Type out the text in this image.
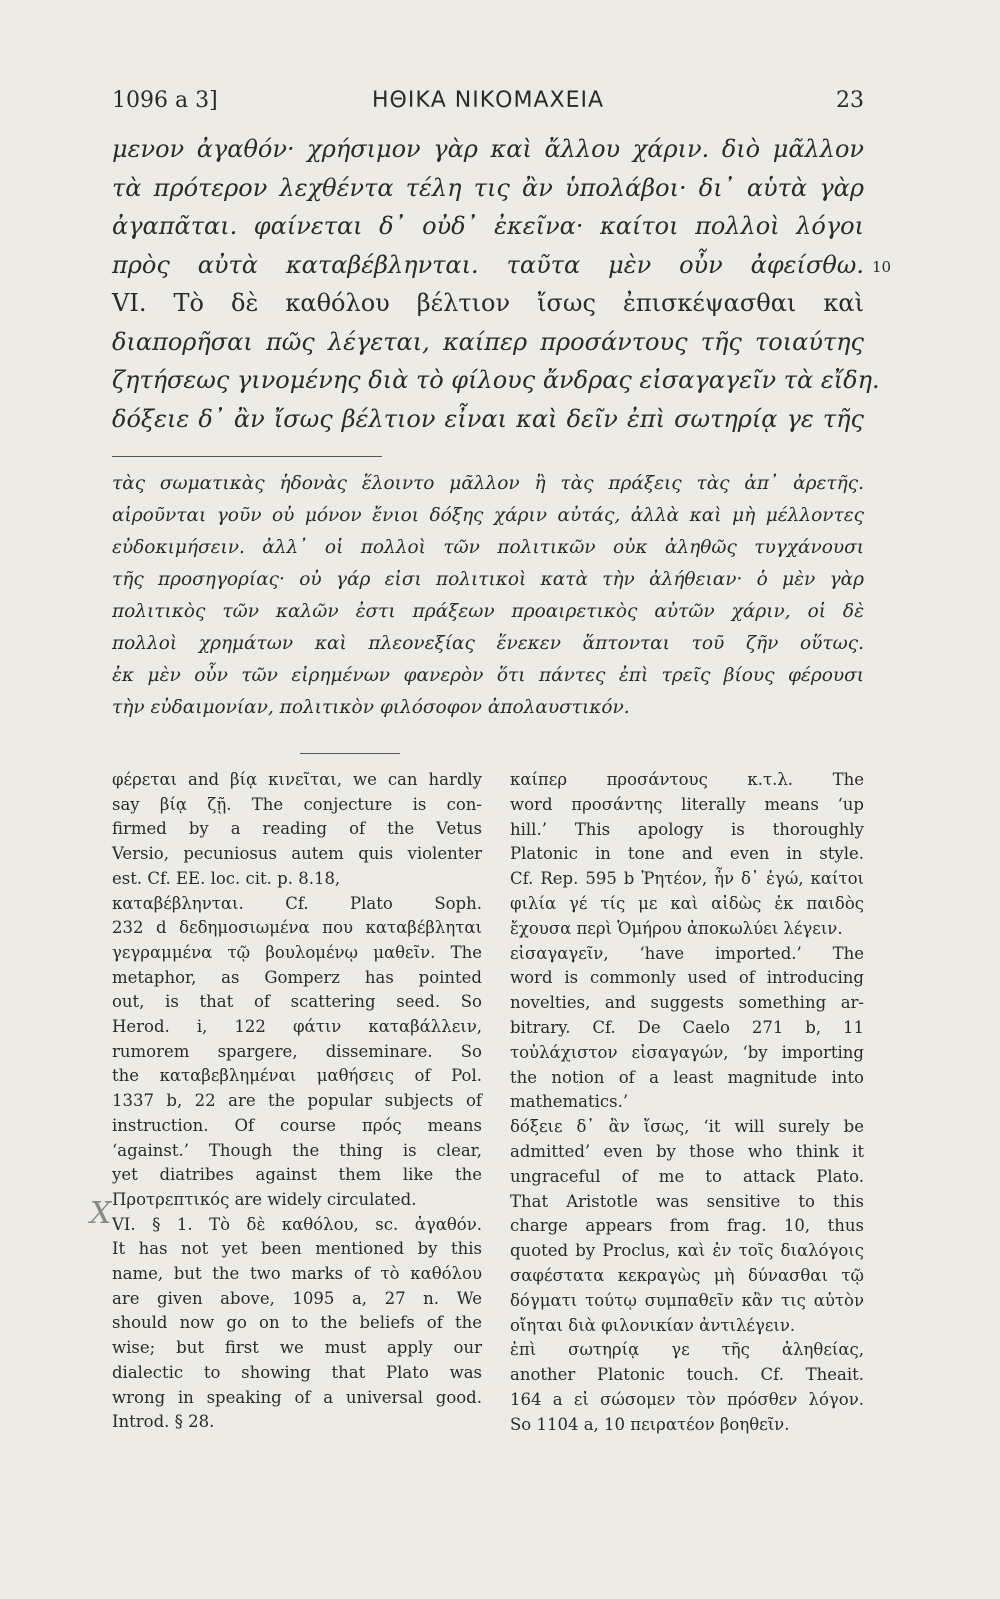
1096 a 3]	ΗΘΙΚΑ ΝΙΚΟΜΑΧΕΙΑ	23
μενον ἀγαθόν· χρήσιμον γὰρ καὶ ἄλλου χάριν. διὸ μᾶλλον
τὰ πρότερον λεχθέντα τέλη τις ἂν ὑπολάβοι· δι᾽ αὑτὰ γὰρ
ἀγαπᾶται. φαίνεται δ᾽ οὐδ᾽ ἐκεῖνα· καίτοι πολλοὶ λόγοι
πρὸς αὐτὰ καταβέβληνται. ταῦτα μὲν οὖν ἀφείσθω.
VI. Τὸ δὲ καθόλου βέλτιον ἴσως ἐπισκέψασθαι καὶ
διαπορῆσαι πῶς λέγεται, καίπερ προσάντους τῆς τοιαύτης
ζητήσεως γινομένης διὰ τὸ φίλους ἄνδρας εἰσαγαγεῖν τὰ εἴδη.
δόξειε δ᾽ ἂν ἴσως βέλτιον εἶναι καὶ δεῖν ἐπὶ σωτηρίᾳ γε τῆς
10
τὰς σωματικὰς ἡδονὰς ἕλοιντο μᾶλλον ἢ τὰς πράξεις τὰς ἀπ᾽ ἀρετῆς.
αἱροῦνται γοῦν οὐ μόνον ἔνιοι δόξης χάριν αὐτάς, ἀλλὰ καὶ μὴ μέλλοντες
εὐδοκιμήσειν. ἀλλ᾽ οἱ πολλοὶ τῶν πολιτικῶν οὐκ ἀληθῶς τυγχάνουσι
τῆς προσηγορίας· οὐ γάρ εἰσι πολιτικοὶ κατὰ τὴν ἀλήθειαν· ὁ μὲν γὰρ
πολιτικὸς τῶν καλῶν ἐστι πράξεων προαιρετικὸς αὐτῶν χάριν, οἱ δὲ
πολλοὶ χρημάτων καὶ πλεονεξίας ἕνεκεν ἅπτονται τοῦ ζῆν οὕτως.
ἐκ μὲν οὖν τῶν εἰρημένων φανερὸν ὅτι πάντες ἐπὶ τρεῖς βίους φέρουσι
τὴν εὐδαιμονίαν, πολιτικὸν φιλόσοφον ἀπολαυστικόν.
φέρεται and βίᾳ κινεῖται, we can hardly
say βίᾳ ζῇ. The conjecture is con-
firmed by a reading of the Vetus
Versio, pecuniosus autem quis violenter
est. Cf. EE. loc. cit. p. 8.18,
καταβέβληνται. Cf. Plato Soph.
232 d δεδημοσιωμένα που καταβέβληται
γεγραμμένα τῷ βουλομένῳ μαθεῖν. The
metaphor, as Gomperz has pointed
out, is that of scattering seed. So
Herod. i, 122 φάτιν καταβάλλειν,
rumorem spargere, disseminare. So
the καταβεβλημέναι μαθήσεις of Pol.
1337 b, 22 are the popular subjects of
instruction. Of course πρός means
‘against.’ Though the thing is clear,
yet diatribes against them like the
Προτρεπτικός are widely circulated.
VI. § 1. Τὸ δὲ καθόλου, sc. ἀγαθόν.
It has not yet been mentioned by this
name, but the two marks of τὸ καθόλου
are given above, 1095 a, 27 n. We
should now go on to the beliefs of the
wise; but first we must apply our
dialectic to showing that Plato was
wrong in speaking of a universal good.
Introd. § 28.
καίπερ προσάντους κ.τ.λ. The
word προσάντης literally means ‘up
hill.’ This apology is thoroughly
Platonic in tone and even in style.
Cf. Rep. 595 b Ῥητέον, ἦν δ᾽ ἐγώ, καίτοι
φιλία γέ τίς με καὶ αἰδὼς ἐκ παιδὸς
ἔχουσα περὶ Ὁμήρου ἀποκωλύει λέγειν.
εἰσαγαγεῖν, ‘have imported.’ The
word is commonly used of introducing
novelties, and suggests something ar-
bitrary. Cf. De Caelo 271 b, 11
τοὐλάχιστον εἰσαγαγών, ‘by importing
the notion of a least magnitude into
mathematics.’
δόξειε δ᾽ ἂν ἴσως, ‘it will surely be
admitted’ even by those who think it
ungraceful of me to attack Plato.
That Aristotle was sensitive to this
charge appears from frag. 10, thus
quoted by Proclus, καὶ ἐν τοῖς διαλόγοις
σαφέστατα κεκραγὼς μὴ δύνασθαι τῷ
δόγματι τούτῳ συμπαθεῖν κἂν τις αὐτὸν
οἴηται διὰ φιλονικίαν ἀντιλέγειν.
ἐπὶ σωτηρίᾳ γε τῆς ἀληθείας,
another Platonic touch. Cf. Theait.
164 a εἰ σώσομεν τὸν πρόσθεν λόγον.
So 1104 a, 10 πειρατέον βοηθεῖν.
X
